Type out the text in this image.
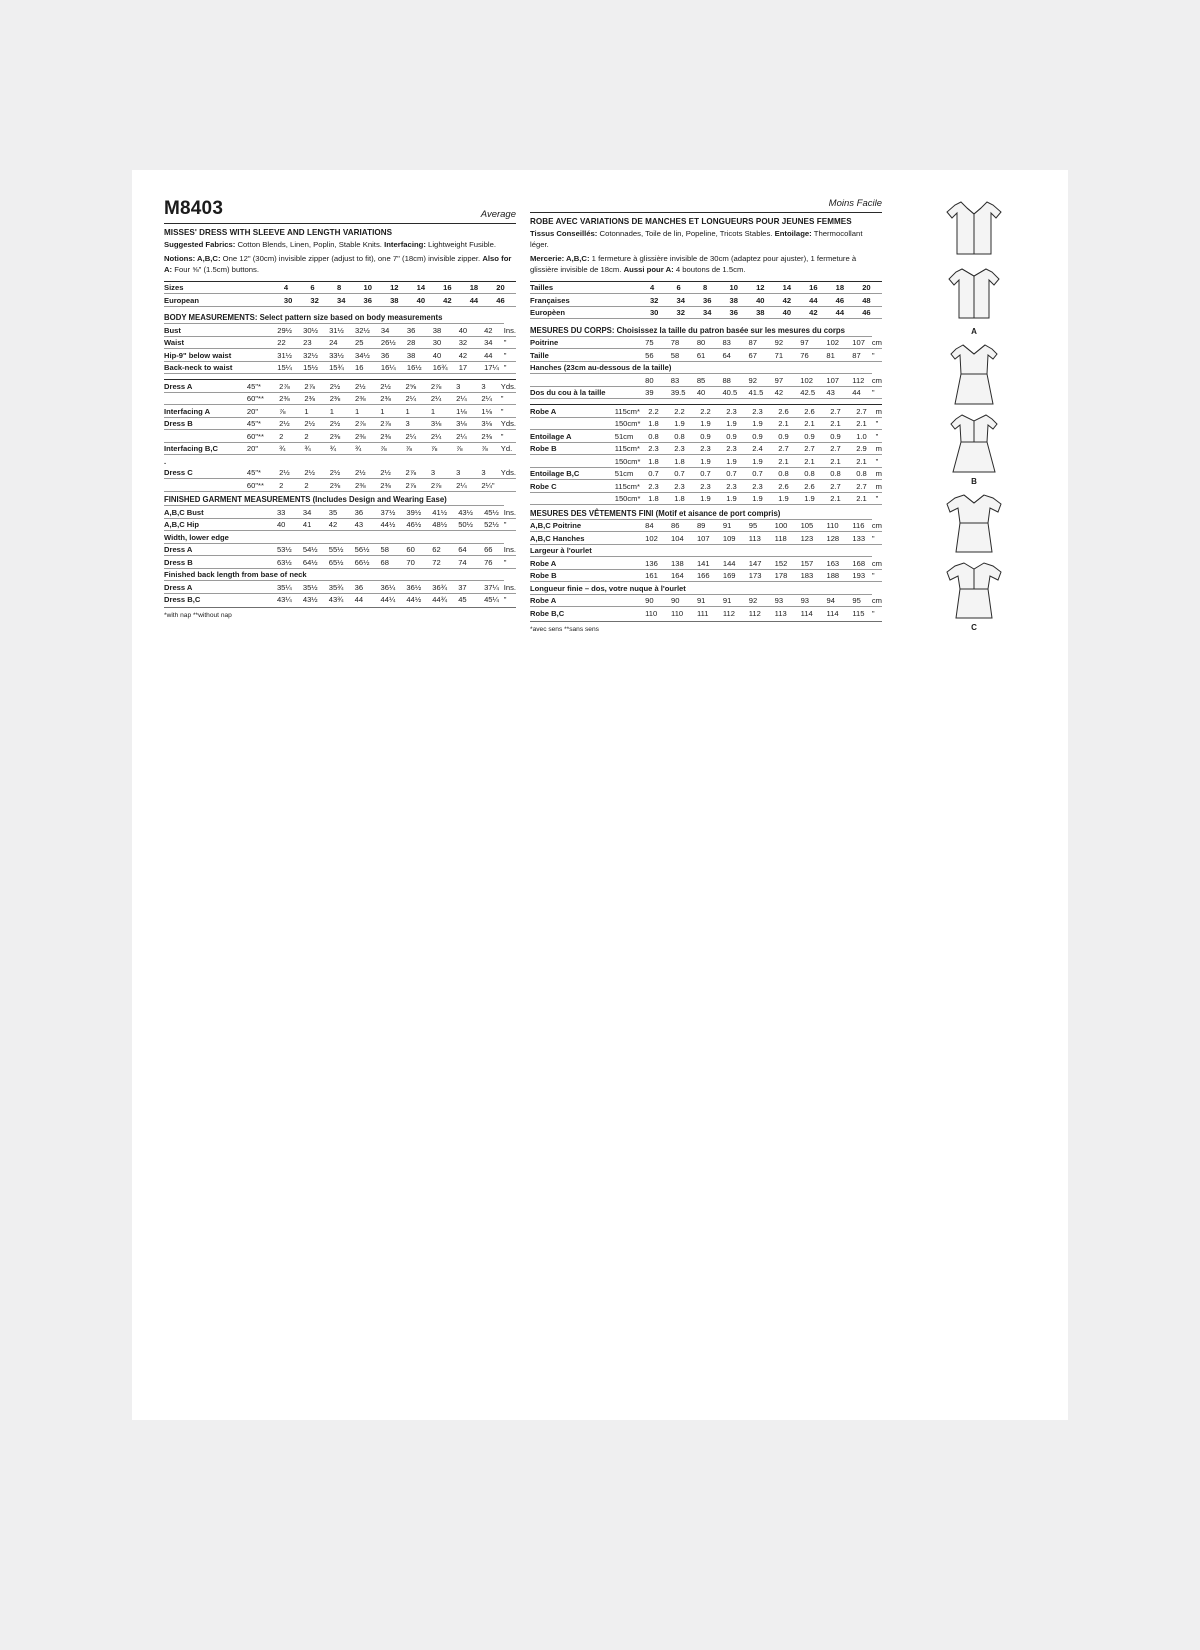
M8403	Average
MISSES' DRESS WITH SLEEVE AND LENGTH VARIATIONS
Suggested Fabrics: Cotton Blends, Linen, Poplin, Stable Knits. Interfacing: Lightweight Fusible.
Notions: A,B,C: One 12" (30cm) invisible zipper (adjust to fit), one 7" (18cm) invisible zipper. Also for A: Four ⅝" (1.5cm) buttons.
Sizes		4	6	8	10	12	14	16	18	20
European		30	32	34	36	38	40	42	44	46
BODY MEASUREMENTS: Select pattern size based on body measurements											
Bust		29½	30½	31½	32½	34	36	38	40	42	Ins.
Waist		22	23	24	25	26½	28	30	32	34	"
Hip-9" below waist		31½	32½	33½	34½	36	38	40	42	44	"
Back-neck to waist		15¼	15½	15¾	16	16¼	16½	16¾	17	17¼	"
Dress A	45"*	2⅞	2⅞	2½	2½	2½	2⅝	2⅞	3	3	Yds.
	60"**	2⅜	2⅜	2⅜	2⅜	2⅜	2¼	2¼	2¼	2¼	"
Interfacing A	20"	⅞	1	1	1	1	1	1	1⅛	1⅛	"
Dress B	45"*	2½	2½	2½	2⅞	2⅞	3	3⅛	3⅛	3⅛	Yds.
	60"**	2	2	2⅜	2⅜	2⅜	2¼	2¼	2¼	2⅜	"
Interfacing B,C	20"	¾	¾	¾	¾	⅞	⅞	⅞	⅞	⅞	Yd.
.											
Dress C	45"*	2½	2½	2½	2½	2½	2⅞	3	3	3	Yds.
	60"**	2	2	2⅜	2⅜	2⅜	2⅞	2⅞	2¼	2¼"	
FINISHED GARMENT MEASUREMENTS (Includes Design and Wearing Ease)											
A,B,C Bust		33	34	35	36	37½	39½	41½	43½	45½	Ins.
A,B,C Hip		40	41	42	43	44½	46½	48½	50½	52½	"
Width, lower edge											
Dress A		53½	54½	55½	56½	58	60	62	64	66	Ins.
Dress B		63½	64½	65½	66½	68	70	72	74	76	"
Finished back length from base of neck											
Dress A		35¼	35½	35¾	36	36¼	36½	36¾	37	37¼	Ins.
Dress B,C		43¼	43½	43¾	44	44¼	44½	44¾	45	45¼	"
*with nap **without nap
Moins Facile
ROBE AVEC VARIATIONS DE MANCHES ET LONGUEURS POUR JEUNES FEMMES
Tissus Conseillés: Cotonnades, Toile de lin, Popeline, Tricots Stables. Entoilage: Thermocollant léger.
Mercerie: A,B,C: 1 fermeture à glissière invisible de 30cm (adaptez pour ajuster), 1 fermeture à glissière invisible de 18cm. Aussi pour A: 4 boutons de 1.5cm.
Tailles		4	6	8	10	12	14	16	18	20
Françaises		32	34	36	38	40	42	44	46	48
Europèen		30	32	34	36	38	40	42	44	46
MESURES DU CORPS: Choisissez la taille du patron basée sur les mesures du corps											
Poitrine		75	78	80	83	87	92	97	102	107	cm
Taille		56	58	61	64	67	71	76	81	87	"
Hanches (23cm au-dessous de la taille)											
		80	83	85	88	92	97	102	107	112	cm
Dos du cou à la taille		39	39.5	40	40.5	41.5	42	42.5	43	44	"
Robe A	115cm*	2.2	2.2	2.2	2.3	2.3	2.6	2.6	2.7	2.7	m
	150cm*	1.8	1.9	1.9	1.9	1.9	2.1	2.1	2.1	2.1	"
Entoilage A	51cm	0.8	0.8	0.9	0.9	0.9	0.9	0.9	0.9	1.0	"
Robe B	115cm*	2.3	2.3	2.3	2.3	2.4	2.7	2.7	2.7	2.9	m
	150cm*	1.8	1.8	1.9	1.9	1.9	2.1	2.1	2.1	2.1	"
Entoilage B,C	51cm	0.7	0.7	0.7	0.7	0.7	0.8	0.8	0.8	0.8	m
Robe C	115cm*	2.3	2.3	2.3	2.3	2.3	2.6	2.6	2.7	2.7	m
	150cm*	1.8	1.8	1.9	1.9	1.9	1.9	1.9	2.1	2.1	"
MESURES DES VÊTEMENTS FINI (Motif et aisance de port compris)											
A,B,C Poitrine		84	86	89	91	95	100	105	110	116	cm
A,B,C Hanches		102	104	107	109	113	118	123	128	133	"
Largeur à l'ourlet											
Robe A		136	138	141	144	147	152	157	163	168	cm
Robe B		161	164	166	169	173	178	183	188	193	"
Longueur finie – dos, votre nuque à l'ourlet											
Robe A		90	90	91	91	92	93	93	94	95	cm
Robe B,C		110	110	111	112	112	113	114	114	115	"
*avec sens **sans sens
A
B
C
